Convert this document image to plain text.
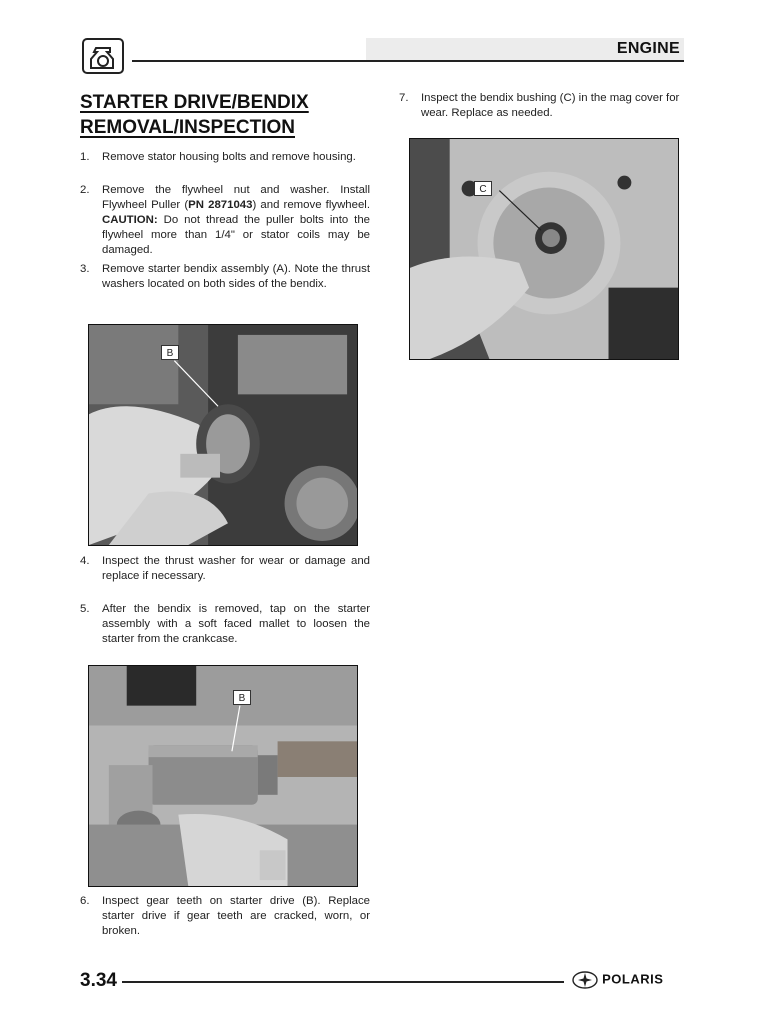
ENGINE
STARTER DRIVE/BENDIX
REMOVAL/INSPECTION
1.	Remove stator housing bolts and remove housing.
2.	Remove the flywheel nut and washer. Install Flywheel Puller (PN 2871043) and remove flywheel. CAUTION: Do not thread the puller bolts into the flywheel more than 1/4" or stator coils may be damaged.
3.	Remove starter bendix assembly (A). Note the thrust washers located on both sides of the bendix.
B
4.	Inspect the thrust washer for wear or damage and replace if necessary.
5.	After the bendix is removed, tap on the starter assembly with a soft faced mallet to loosen the starter from the crankcase.
B
6.	Inspect gear teeth on starter drive (B). Replace starter drive if gear teeth are cracked, worn, or broken.
7.	Inspect the bendix bushing (C) in the mag cover for wear. Replace as needed.
C
3.34	POLARIS
